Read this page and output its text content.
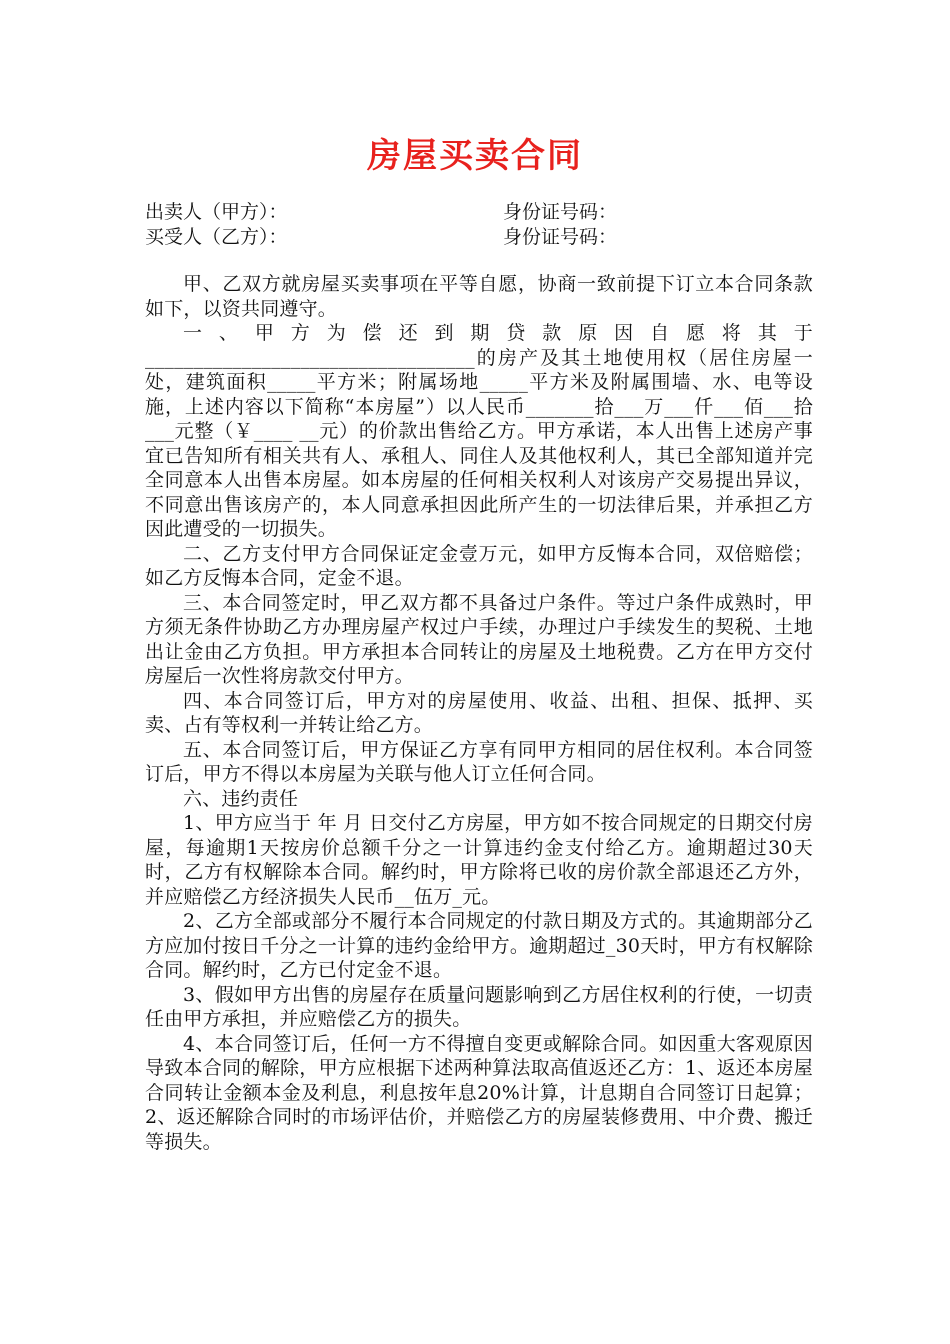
房屋买卖合同
出卖人（甲方）：	身份证号码：
买受人（乙方）：	身份证号码：

甲、乙双方就房屋买卖事项在平等自愿，协商一致前提下订立本合同条款如下，以资共同遵守。

一、甲方为偿还到期贷款原因自愿将其于__________________________________的房产及其土地使用权（居住房屋一处，建筑面积_____平方米；附属场地_____平方米及附属围墙、水、电等设施，上述内容以下简称“本房屋”）以人民币_______拾___万___仟___佰___拾___元整（￥____ __元）的价款出售给乙方。甲方承诺，本人出售上述房产事宜已告知所有相关共有人、承租人、同住人及其他权利人，其已全部知道并完全同意本人出售本房屋。如本房屋的任何相关权利人对该房产交易提出异议，不同意出售该房产的，本人同意承担因此所产生的一切法律后果，并承担乙方因此遭受的一切损失。

二、乙方支付甲方合同保证定金壹万元，如甲方反悔本合同，双倍赔偿；如乙方反悔本合同，定金不退。

三、本合同签定时，甲乙双方都不具备过户条件。等过户条件成熟时，甲方须无条件协助乙方办理房屋产权过户手续，办理过户手续发生的契税、土地出让金由乙方负担。甲方承担本合同转让的房屋及土地税费。乙方在甲方交付房屋后一次性将房款交付甲方。

四、本合同签订后，甲方对的房屋使用、收益、出租、担保、抵押、买卖、占有等权利一并转让给乙方。

五、本合同签订后，甲方保证乙方享有同甲方相同的居住权利。本合同签订后，甲方不得以本房屋为关联与他人订立任何合同。

六、违约责任

1、甲方应当于 年 月 日交付乙方房屋，甲方如不按合同规定的日期交付房屋，每逾期1天按房价总额千分之一计算违约金支付给乙方。逾期超过30天时，乙方有权解除本合同。解约时，甲方除将已收的房价款全部退还乙方外，并应赔偿乙方经济损失人民币__伍万_元。

2、乙方全部或部分不履行本合同规定的付款日期及方式的。其逾期部分乙方应加付按日千分之一计算的违约金给甲方。逾期超过_30天时，甲方有权解除合同。解约时，乙方已付定金不退。

3、假如甲方出售的房屋存在质量问题影响到乙方居住权利的行使，一切责任由甲方承担，并应赔偿乙方的损失。

4、本合同签订后，任何一方不得擅自变更或解除合同。如因重大客观原因导致本合同的解除，甲方应根据下述两种算法取高值返还乙方：1、返还本房屋合同转让金额本金及利息，利息按年息20%计算，计息期自合同签订日起算；2、返还解除合同时的市场评估价，并赔偿乙方的房屋装修费用、中介费、搬迁等损失。
